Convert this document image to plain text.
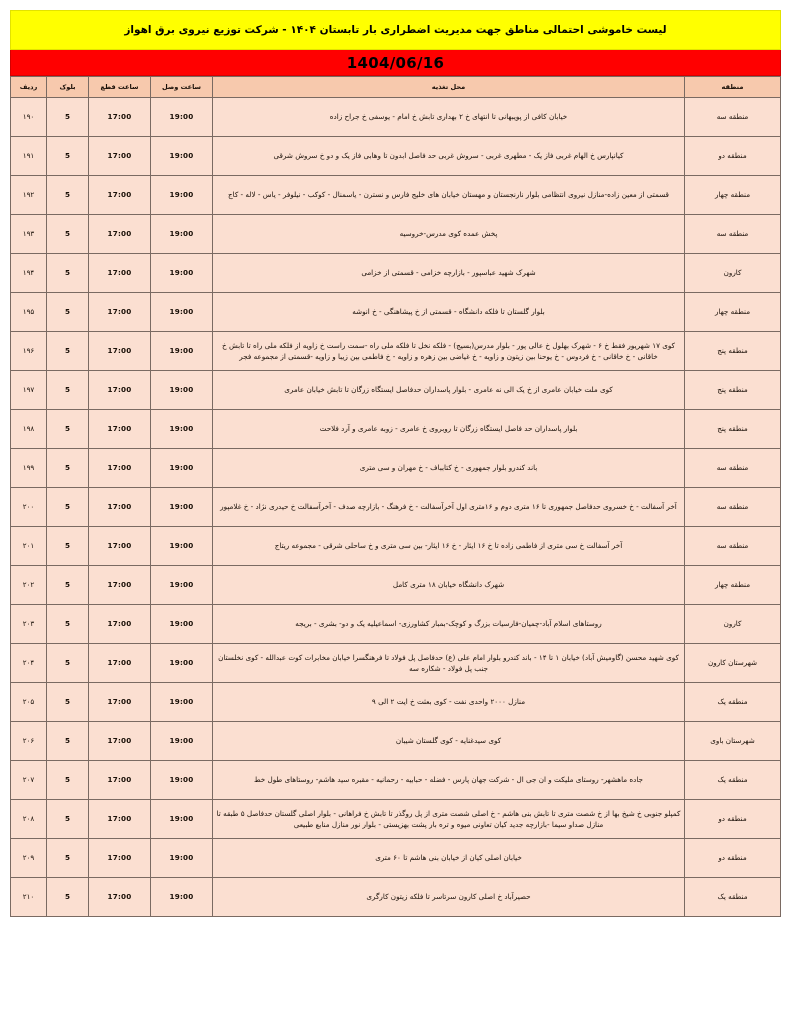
لیست خاموشی احتمالی مناطق جهت مدیریت اضطراری بار تابستان ۱۴۰۴ - شرکت توزیع نیروی برق اهواز
1404/06/16
منطقه	محل تغذیه	ساعت وصل	ساعت قطع	بلوک	ردیف
منطقه سه	خیابان کافی از پویبهانی تا انتهای خ ۲ بهداری تابش خ امام - یوسفی خ جراح زاده	19:00	17:00	5	۱۹۰
منطقه دو	کیانپارس خ الهام غربی فاز یک - مطهری غربی - سروش غربی حد فاصل ابدون تا وهابی فاز یک و دو خ سروش شرقی	19:00	17:00	5	۱۹۱
منطقه چهار	قسمتی از معین زاده-منازل نیروی انتظامی بلوار نارنجستان و مهستان خیابان های خلیج فارس و نسترن - یاسمنال - کوکب - نیلوفر - یاس - لاله - کاج	19:00	17:00	5	۱۹۲
منطقه سه	پخش عمده کوی مدرس-خروسیه	19:00	17:00	5	۱۹۳
کارون	شهرک شهید عباسپور - بازارچه خزامی - قسمتی از خزامی	19:00	17:00	5	۱۹۴
منطقه چهار	بلوار گلستان تا فلکه دانشگاه - قسمتی از خ پیشاهنگی - خ انوشه	19:00	17:00	5	۱۹۵
منطقه پنج	کوی ۱۷ شهریور فقط خ ۶ - شهرک بهلول خ عالی پور - بلوار مدرس(بسیج) - فلکه نخل تا فلکه ملی راه -سمت راست خ زاویه از فلکه ملی راه تا تابش خ خاقانی - خ خاقانی - خ فردوس - خ یوحنا بین زیتون و زاویه - خ غیاضی بین زهره و زاویه - خ فاطمی بین زیبا و زاویه -قسمتی از مجموعه فجر	19:00	17:00	5	۱۹۶
منطقه پنج	کوی ملت خیابان عامری از خ یک الی نه عامری - بلوار پاسداران حدفاصل ایستگاه زرگان تا تابش خیابان عامری	19:00	17:00	5	۱۹۷
منطقه پنج	بلوار پاسداران حد فاصل ایستگاه زرگان تا روبروی خ عامری - زوبه عامری و آرد فلاحت	19:00	17:00	5	۱۹۸
منطقه سه	باند کندرو بلوار جمهوری - خ کتابباف - خ مهران و سی متری	19:00	17:00	5	۱۹۹
منطقه سه	آخر آسفالت - خ خسروی حدفاصل جمهوری تا ۱۶ متری دوم و ۱۶متری اول آخرآسفالت - خ فرهنگ - بازارچه صدف - آخرآسفالت خ حیدری نژاد - خ غلامپور	19:00	17:00	5	۲۰۰
منطقه سه	آخر آسفالت خ سی متری از فاطمی زاده تا خ ۱۶ ایثار - خ ۱۶ ایثار- بین سی متری و خ ساحلی شرقی - مجموعه ریتاج	19:00	17:00	5	۲۰۱
منطقه چهار	شهرک دانشگاه خیابان ۱۸ متری کامل	19:00	17:00	5	۲۰۲
کارون	روستاهای اسلام آباد-چمیان-فارسیات بزرگ و کوچک-بمبار کشاورزی- اسماعیلیه یک و دو- بشری - بریجه	19:00	17:00	5	۲۰۳
شهرستان کارون	کوی شهید محسن (گاومیش آباد) خیابان ۱ تا ۱۴ - باند کندرو بلوار امام علی (ع) حدفاصل پل فولاد تا فرهنگسرا خیابان مخابرات کوت عبدالله - کوی نخلستان جنب پل فولاد - شکاره سه	19:00	17:00	5	۲۰۴
منطقه یک	منازل ۲۰۰۰ واحدی نفت - کوی بعثت خ ایت ۲ الی ۹	19:00	17:00	5	۲۰۵
شهرستان باوی	کوی سیدغنایه - کوی گلستان شیبان	19:00	17:00	5	۲۰۶
منطقه یک	جاده ماهشهر- روستای ملیکت و ان جی ال - شرکت جهان پارس - فضله - حبابیه - رحمانیه - مقبره سید هاشم- روستاهای طول خط	19:00	17:00	5	۲۰۷
منطقه دو	کمپلو جنوبی خ شیخ بها از خ شصت متری تا تابش بنی هاشم - خ اصلی شصت متری از پل روگذر تا تابش خ فراهانی - بلوار اصلی گلستان حدفاصل ۵ طبقه تا منازل صداو سیما -بازارچه جدید کیان تعاونی میوه و تره بار پشت بهزیستی - بلوار نور منازل منابع طبیعی	19:00	17:00	5	۲۰۸
منطقه دو	خیابان اصلی کیان از خیابان بنی هاشم تا ۶۰ متری	19:00	17:00	5	۲۰۹
منطقه یک	حصیرآباد خ اصلی کارون سرتاسر تا فلکه زیتون کارگری	19:00	17:00	5	۲۱۰
